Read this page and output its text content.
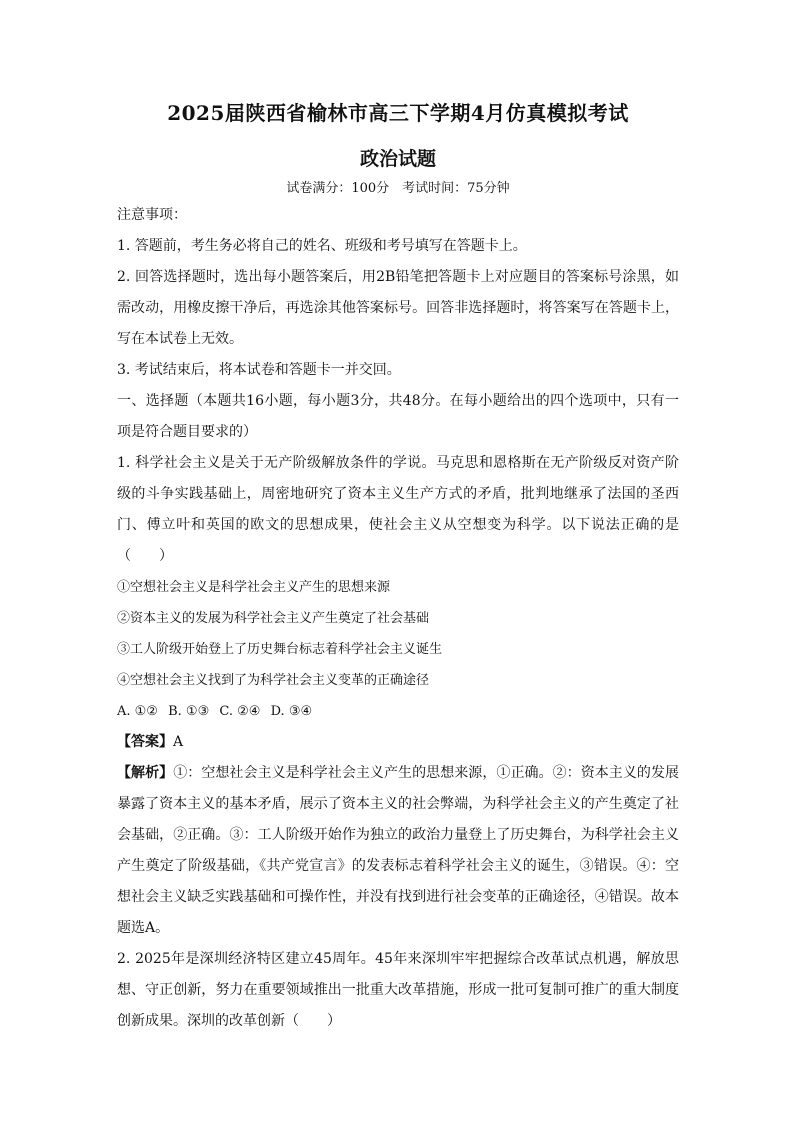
2025届陕西省榆林市高三下学期4月仿真模拟考试
政治试题
试卷满分：100分　考试时间：75分钟

注意事项：

1. 答题前，考生务必将自己的姓名、班级和考号填写在答题卡上。

2. 回答选择题时，选出每小题答案后，用2B铅笔把答题卡上对应题目的答案标号涂黑，如需改动，用橡皮擦干净后，再选涂其他答案标号。回答非选择题时，将答案写在答题卡上，写在本试卷上无效。

3. 考试结束后，将本试卷和答题卡一并交回。

一、选择题（本题共16小题，每小题3分，共48分。在每小题给出的四个选项中，只有一项是符合题目要求的）

1. 科学社会主义是关于无产阶级解放条件的学说。马克思和恩格斯在无产阶级反对资产阶级的斗争实践基础上，周密地研究了资本主义生产方式的矛盾，批判地继承了法国的圣西门、傅立叶和英国的欧文的思想成果，使社会主义从空想变为科学。以下说法正确的是（　　）

①空想社会主义是科学社会主义产生的思想来源

②资本主义的发展为科学社会主义产生奠定了社会基础

③工人阶级开始登上了历史舞台标志着科学社会主义诞生

④空想社会主义找到了为科学社会主义变革的正确途径

A. ①② B. ①③ C. ②④ D. ③④

【答案】A

【解析】①：空想社会主义是科学社会主义产生的思想来源，①正确。②：资本主义的发展暴露了资本主义的基本矛盾，展示了资本主义的社会弊端，为科学社会主义的产生奠定了社会基础，②正确。③：工人阶级开始作为独立的政治力量登上了历史舞台，为科学社会主义产生奠定了阶级基础，《共产党宣言》的发表标志着科学社会主义的诞生，③错误。④：空想社会主义缺乏实践基础和可操作性，并没有找到进行社会变革的正确途径，④错误。故本题选A。

2. 2025年是深圳经济特区建立45周年。45年来深圳牢牢把握综合改革试点机遇，解放思想、守正创新，努力在重要领域推出一批重大改革措施，形成一批可复制可推广的重大制度创新成果。深圳的改革创新（　　）
